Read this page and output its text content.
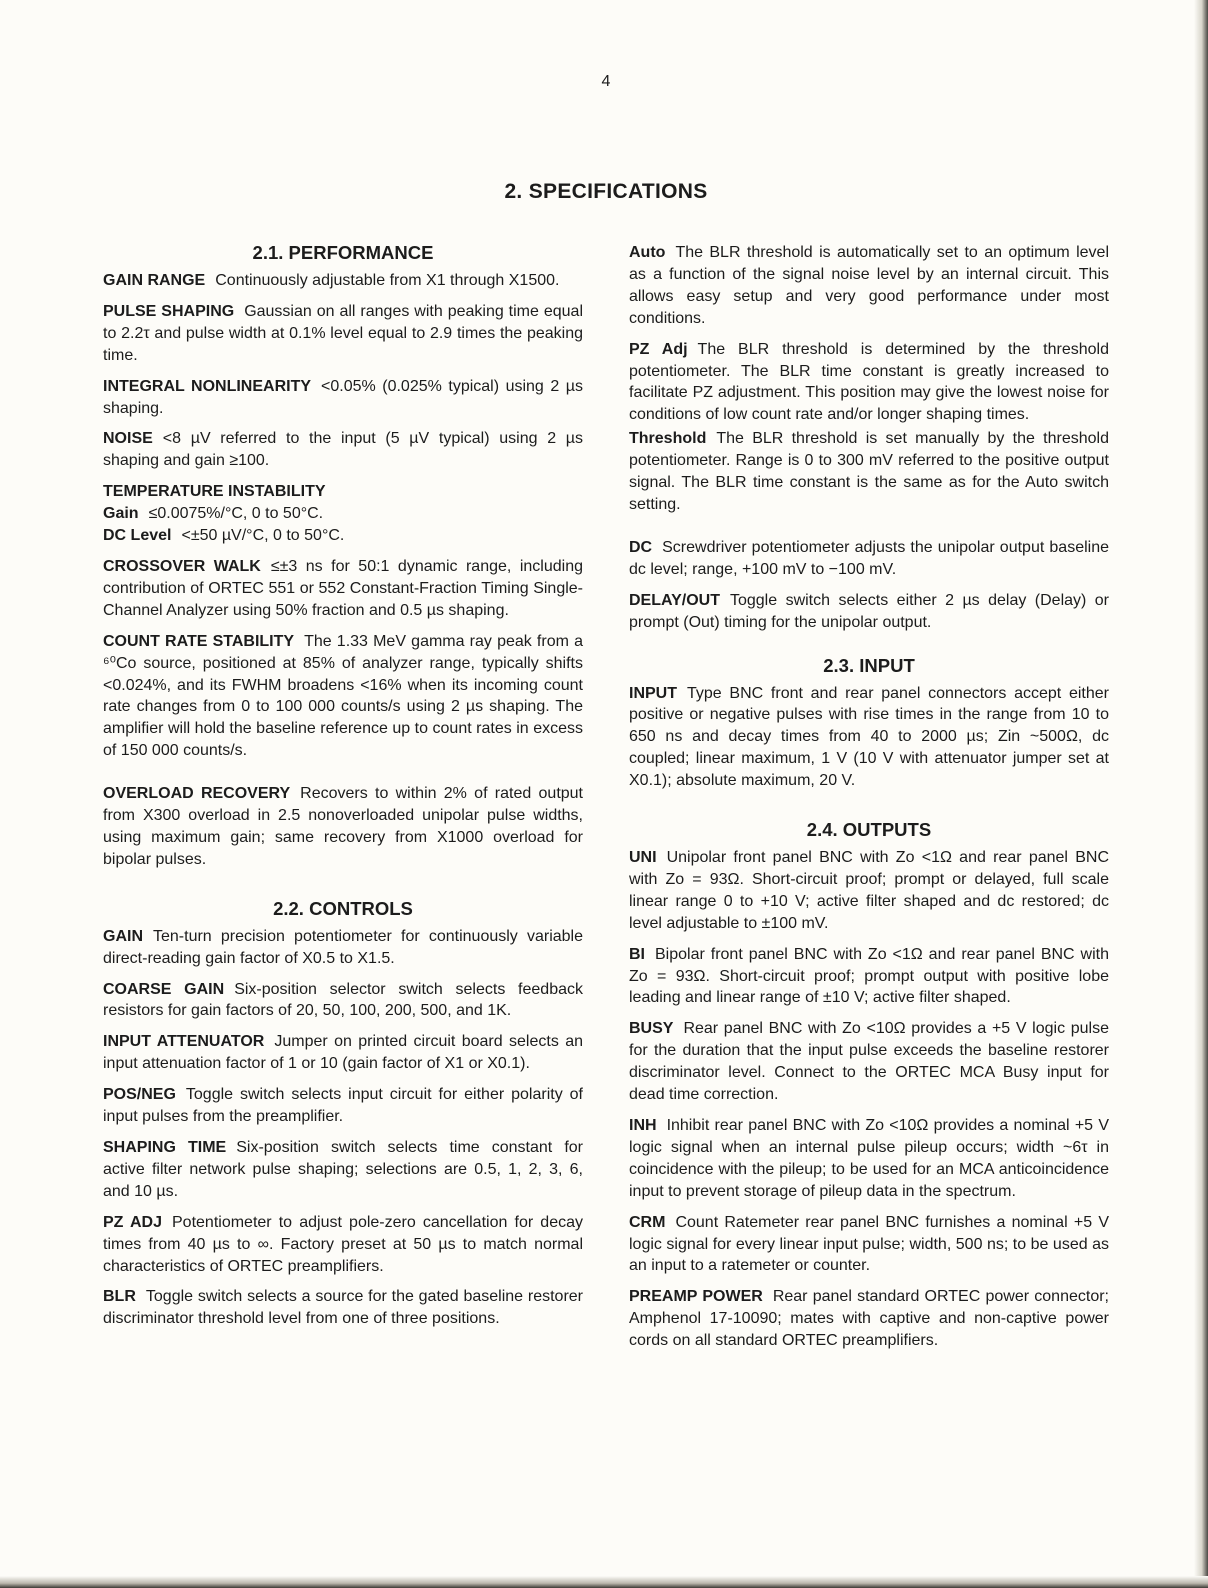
4
2. SPECIFICATIONS
2.1. PERFORMANCE

GAIN RANGE Continuously adjustable from X1 through X1500.

PULSE SHAPING Gaussian on all ranges with peaking time equal to 2.2τ and pulse width at 0.1% level equal to 2.9 times the peaking time.

INTEGRAL NONLINEARITY <0.05% (0.025% typical) using 2 µs shaping.

NOISE <8 µV referred to the input (5 µV typical) using 2 µs shaping and gain ≥100.

TEMPERATURE INSTABILITY

Gain ≤0.0075%/°C, 0 to 50°C.

DC Level <±50 µV/°C, 0 to 50°C.

CROSSOVER WALK ≤±3 ns for 50:1 dynamic range, including contribution of ORTEC 551 or 552 Constant-Fraction Timing Single-Channel Analyzer using 50% fraction and 0.5 µs shaping.

COUNT RATE STABILITY The 1.33 MeV gamma ray peak from a ⁶⁰Co source, positioned at 85% of analyzer range, typically shifts <0.024%, and its FWHM broadens <16% when its incoming count rate changes from 0 to 100 000 counts/s using 2 µs shaping. The amplifier will hold the baseline reference up to count rates in excess of 150 000 counts/s.

OVERLOAD RECOVERY Recovers to within 2% of rated output from X300 overload in 2.5 nonoverloaded unipolar pulse widths, using maximum gain; same recovery from X1000 overload for bipolar pulses.

2.2. CONTROLS

GAIN Ten-turn precision potentiometer for continuously variable direct-reading gain factor of X0.5 to X1.5.

COARSE GAIN Six-position selector switch selects feedback resistors for gain factors of 20, 50, 100, 200, 500, and 1K.

INPUT ATTENUATOR Jumper on printed circuit board selects an input attenuation factor of 1 or 10 (gain factor of X1 or X0.1).

POS/NEG Toggle switch selects input circuit for either polarity of input pulses from the preamplifier.

SHAPING TIME Six-position switch selects time constant for active filter network pulse shaping; selections are 0.5, 1, 2, 3, 6, and 10 µs.

PZ ADJ Potentiometer to adjust pole-zero cancellation for decay times from 40 µs to ∞. Factory preset at 50 µs to match normal characteristics of ORTEC preamplifiers.

BLR Toggle switch selects a source for the gated baseline restorer discriminator threshold level from one of three positions.

Auto The BLR threshold is automatically set to an optimum level as a function of the signal noise level by an internal circuit. This allows easy setup and very good performance under most conditions.

PZ Adj The BLR threshold is determined by the threshold potentiometer. The BLR time constant is greatly increased to facilitate PZ adjustment. This position may give the lowest noise for conditions of low count rate and/or longer shaping times.

Threshold The BLR threshold is set manually by the threshold potentiometer. Range is 0 to 300 mV referred to the positive output signal. The BLR time constant is the same as for the Auto switch setting.

DC Screwdriver potentiometer adjusts the unipolar output baseline dc level; range, +100 mV to −100 mV.

DELAY/OUT Toggle switch selects either 2 µs delay (Delay) or prompt (Out) timing for the unipolar output.

2.3. INPUT

INPUT Type BNC front and rear panel connectors accept either positive or negative pulses with rise times in the range from 10 to 650 ns and decay times from 40 to 2000 µs; Zin ~500Ω, dc coupled; linear maximum, 1 V (10 V with attenuator jumper set at X0.1); absolute maximum, 20 V.

2.4. OUTPUTS

UNI Unipolar front panel BNC with Zo <1Ω and rear panel BNC with Zo = 93Ω. Short-circuit proof; prompt or delayed, full scale linear range 0 to +10 V; active filter shaped and dc restored; dc level adjustable to ±100 mV.

BI Bipolar front panel BNC with Zo <1Ω and rear panel BNC with Zo = 93Ω. Short-circuit proof; prompt output with positive lobe leading and linear range of ±10 V; active filter shaped.

BUSY Rear panel BNC with Zo <10Ω provides a +5 V logic pulse for the duration that the input pulse exceeds the baseline restorer discriminator level. Connect to the ORTEC MCA Busy input for dead time correction.

INH Inhibit rear panel BNC with Zo <10Ω provides a nominal +5 V logic signal when an internal pulse pileup occurs; width ~6τ in coincidence with the pileup; to be used for an MCA anticoincidence input to prevent storage of pileup data in the spectrum.

CRM Count Ratemeter rear panel BNC furnishes a nominal +5 V logic signal for every linear input pulse; width, 500 ns; to be used as an input to a ratemeter or counter.

PREAMP POWER Rear panel standard ORTEC power connector; Amphenol 17-10090; mates with captive and non-captive power cords on all standard ORTEC preamplifiers.
